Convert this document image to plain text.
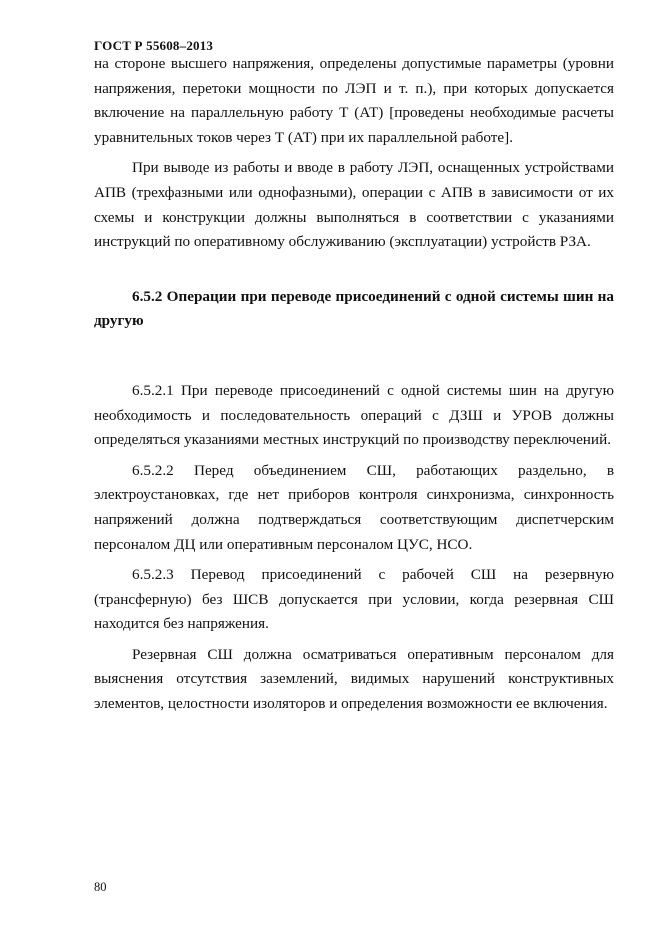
ГОСТ Р 55608–2013

на стороне высшего напряжения, определены допустимые параметры (уровни напряжения, перетоки мощности по ЛЭП и т. п.), при которых допускается включение на параллельную работу Т (АТ) [проведены необходимые расчеты уравнительных токов через Т (АТ) при их параллельной работе].

При выводе из работы и вводе в работу ЛЭП, оснащенных устройствами АПВ (трехфазными или однофазными), операции с АПВ в зависимости от их схемы и конструкции должны выполняться в соответствии с указаниями инструкций по оперативному обслуживанию (эксплуатации) устройств РЗА.

6.5.2 Операции при переводе присоединений с одной системы шин на другую

6.5.2.1 При переводе присоединений с одной системы шин на другую необходимость и последовательность операций с ДЗШ и УРОВ должны определяться указаниями местных инструкций по производству переключений.

6.5.2.2 Перед объединением СШ, работающих раздельно, в электроустановках, где нет приборов контроля синхронизма, синхронность напряжений должна подтверждаться соответствующим диспетчерским персоналом ДЦ или оперативным персоналом ЦУС, НСО.

6.5.2.3 Перевод присоединений с рабочей СШ на резервную (трансферную) без ШСВ допускается при условии, когда резервная СШ находится без напряжения.

Резервная СШ должна осматриваться оперативным персоналом для выяснения отсутствия заземлений, видимых нарушений конструктивных элементов, целостности изоляторов и определения возможности ее включения.

80
